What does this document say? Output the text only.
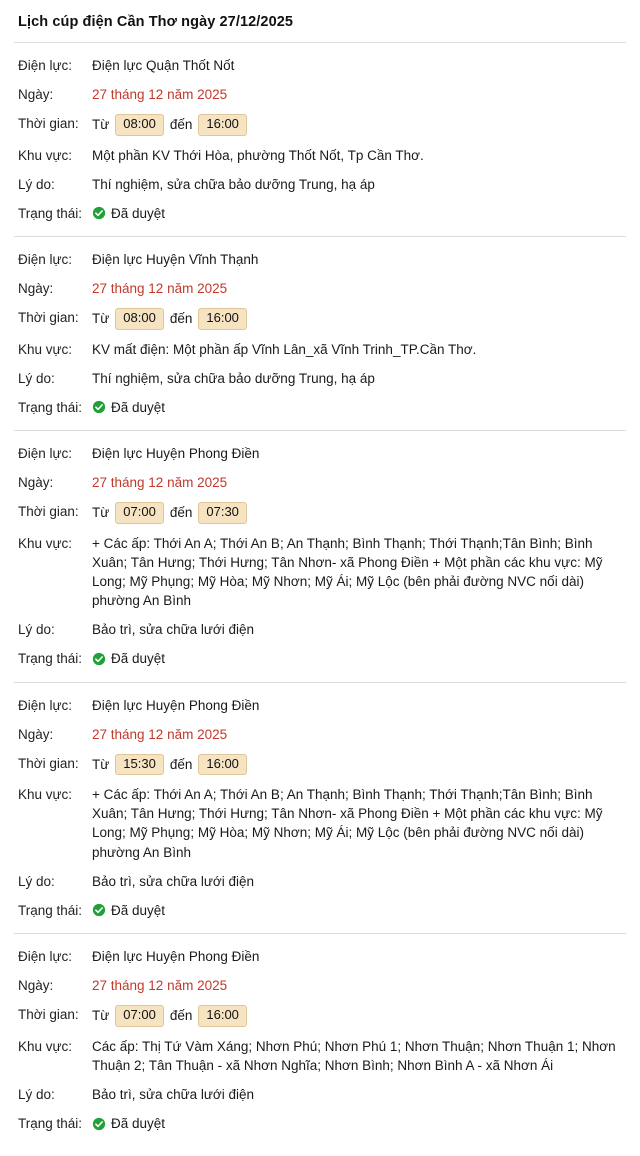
Lịch cúp điện Cần Thơ ngày 27/12/2025
Điện lực:	Điện lực Quận Thốt Nốt
Ngày:	27 tháng 12 năm 2025
Thời gian: Từ	08:00	đến	16:00
Khu vực:	Một phần KV Thới Hòa, phường Thốt Nốt, Tp Cần Thơ.
Lý do:	Thí nghiệm, sửa chữa bảo dưỡng Trung, hạ áp
Trạng thái:	Đã duyệt
Điện lực:	Điện lực Huyện Vĩnh Thạnh
Ngày:	27 tháng 12 năm 2025
Thời gian: Từ	08:00	đến	16:00
Khu vực:	KV mất điện: Một phần ấp Vĩnh Lân_xã Vĩnh Trinh_TP.Cần Thơ.
Lý do:	Thí nghiệm, sửa chữa bảo dưỡng Trung, hạ áp
Trạng thái:	Đã duyệt
Điện lực:	Điện lực Huyện Phong Điền
Ngày:	27 tháng 12 năm 2025
Thời gian: Từ	07:00	đến	07:30
Khu vực:	+ Các ấp: Thới An A; Thới An B; An Thạnh; Bình Thạnh; Thới Thạnh;Tân Bình; Bình Xuân; Tân Hưng; Thới Hưng; Tân Nhơn- xã Phong Điền + Một phần các khu vực: Mỹ Long; Mỹ Phụng; Mỹ Hòa; Mỹ Nhơn; Mỹ Ái; Mỹ Lộc (bên phải đường NVC nối dài) phường An Bình
Lý do:	Bảo trì, sửa chữa lưới điện
Trạng thái:	Đã duyệt
Điện lực:	Điện lực Huyện Phong Điền
Ngày:	27 tháng 12 năm 2025
Thời gian: Từ	15:30	đến	16:00
Khu vực:	+ Các ấp: Thới An A; Thới An B; An Thạnh; Bình Thạnh; Thới Thạnh;Tân Bình; Bình Xuân; Tân Hưng; Thới Hưng; Tân Nhơn- xã Phong Điền + Một phần các khu vực: Mỹ Long; Mỹ Phụng; Mỹ Hòa; Mỹ Nhơn; Mỹ Ái; Mỹ Lộc (bên phải đường NVC nối dài) phường An Bình
Lý do:	Bảo trì, sửa chữa lưới điện
Trạng thái:	Đã duyệt
Điện lực:	Điện lực Huyện Phong Điền
Ngày:	27 tháng 12 năm 2025
Thời gian: Từ	07:00	đến	16:00
Khu vực:	Các ấp: Thị Tứ Vàm Xáng; Nhơn Phú; Nhơn Phú 1; Nhơn Thuận; Nhơn Thuận 1; Nhơn Thuận 2; Tân Thuận - xã Nhơn Nghĩa; Nhơn Bình; Nhơn Bình A - xã Nhơn Ái
Lý do:	Bảo trì, sửa chữa lưới điện
Trạng thái:	Đã duyệt
